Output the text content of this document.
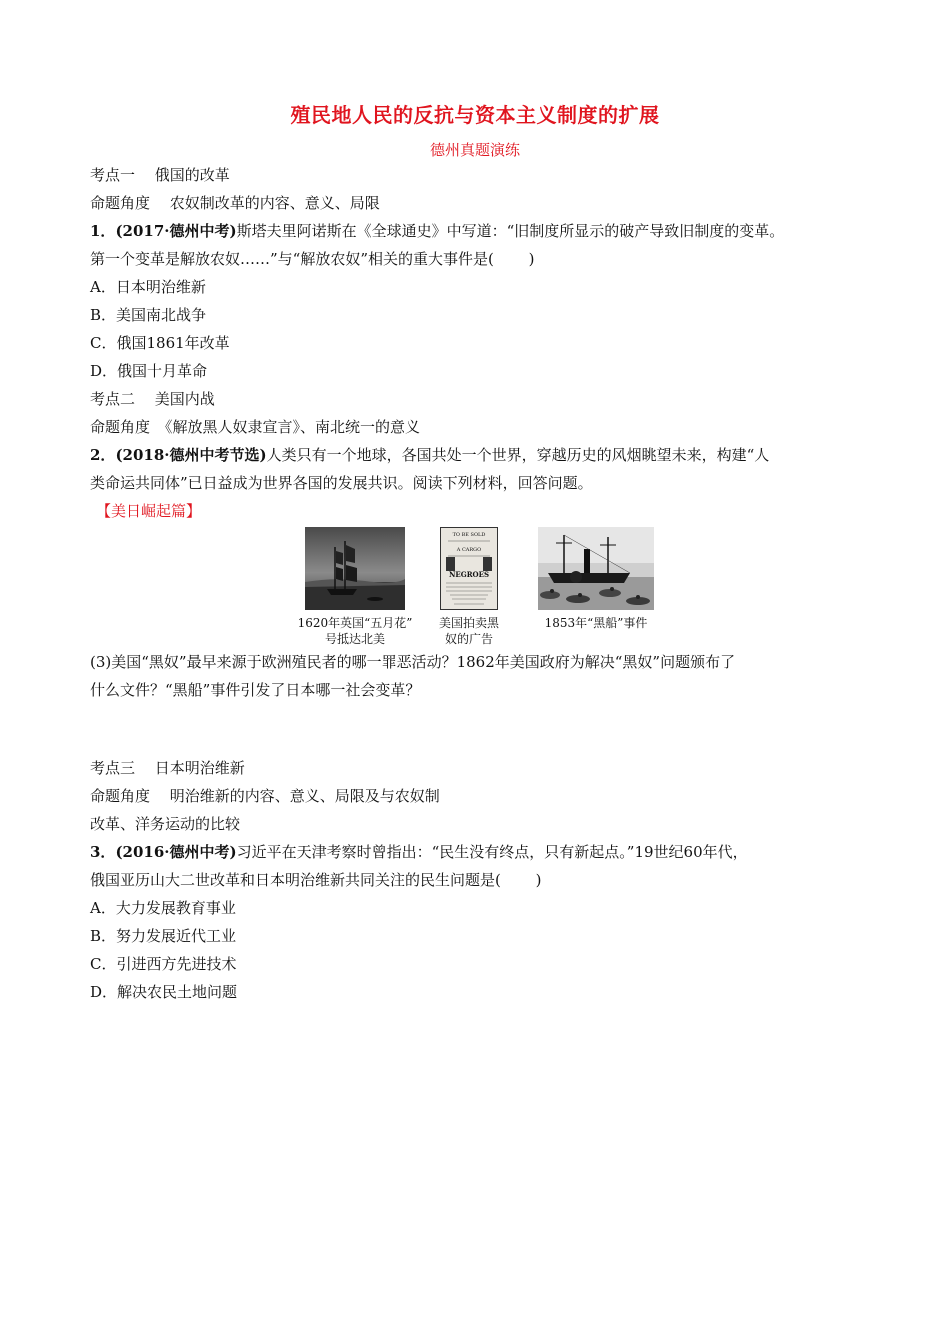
殖民地人民的反抗与资本主义制度的扩展
德州真题演练
考点一　 俄国的改革
命题角度　 农奴制改革的内容、意义、局限
1．(2017·德州中考)斯塔夫里阿诺斯在《全球通史》中写道：“旧制度所显示的破产导致旧制度的变革。
第一个变革是解放农奴……”与“解放农奴”相关的重大事件是(　　 )
A．日本明治维新
B．美国南北战争
C．俄国1861年改革
D．俄国十月革命
考点二　 美国内战
命题角度　《解放黑人奴隶宣言》、南北统一的意义
2．(2018·德州中考节选)人类只有一个地球，各国共处一个世界，穿越历史的风烟眺望未来，构建“人
类命运共同体”已日益成为世界各国的发展共识。阅读下列材料，回答问题。
【美日崛起篇】
1620年英国“五月花”
号抵达北美
TO BE SOLD
A CARGO
NEGROES
美国拍卖黑
奴的广告
1853年“黑船”事件
(3)美国“黑奴”最早来源于欧洲殖民者的哪一罪恶活动？1862年美国政府为解决“黑奴”问题颁布了
什么文件？“黑船”事件引发了日本哪一社会变革？
考点三　 日本明治维新
命题角度　 明治维新的内容、意义、局限及与农奴制
改革、洋务运动的比较
3．(2016·德州中考)习近平在天津考察时曾指出：“民生没有终点，只有新起点。”19世纪60年代，
俄国亚历山大二世改革和日本明治维新共同关注的民生问题是(　　 )
A．大力发展教育事业
B．努力发展近代工业
C．引进西方先进技术
D．解决农民土地问题
